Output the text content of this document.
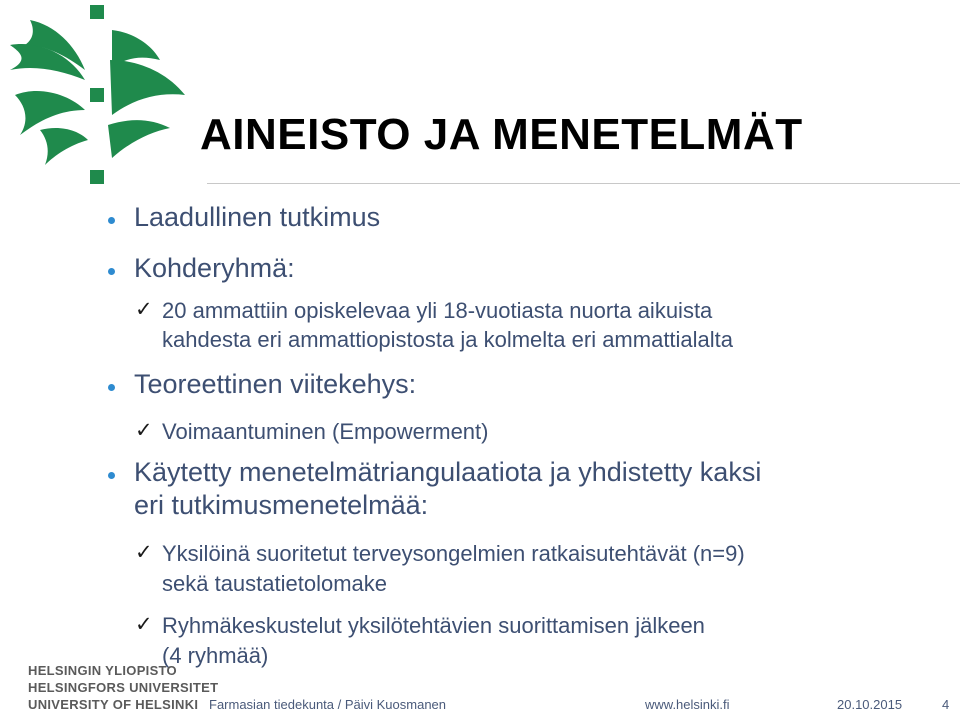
AINEISTO JA MENETELMÄT
Laadullinen tutkimus
Kohderyhmä:
✓ 20 ammattiin opiskelevaa yli 18-vuotiasta nuorta aikuista
kahdesta eri ammattiopistosta ja kolmelta eri ammattialalta
Teoreettinen viitekehys:
✓ Voimaantuminen (Empowerment)
Käytetty menetelmätriangulaatiota ja yhdistetty kaksi
eri tutkimusmenetelmää:
✓ Yksilöinä suoritetut terveysongelmien ratkaisutehtävät (n=9)
sekä taustatietolomake
✓ Ryhmäkeskustelut yksilötehtävien suorittamisen jälkeen
(4 ryhmää)
HELSINGIN YLIOPISTO
HELSINGFORS UNIVERSITET
UNIVERSITY OF HELSINKI Farmasian tiedekunta / Päivi Kuosmanen	www.helsinki.fi	20.10.2015	4
